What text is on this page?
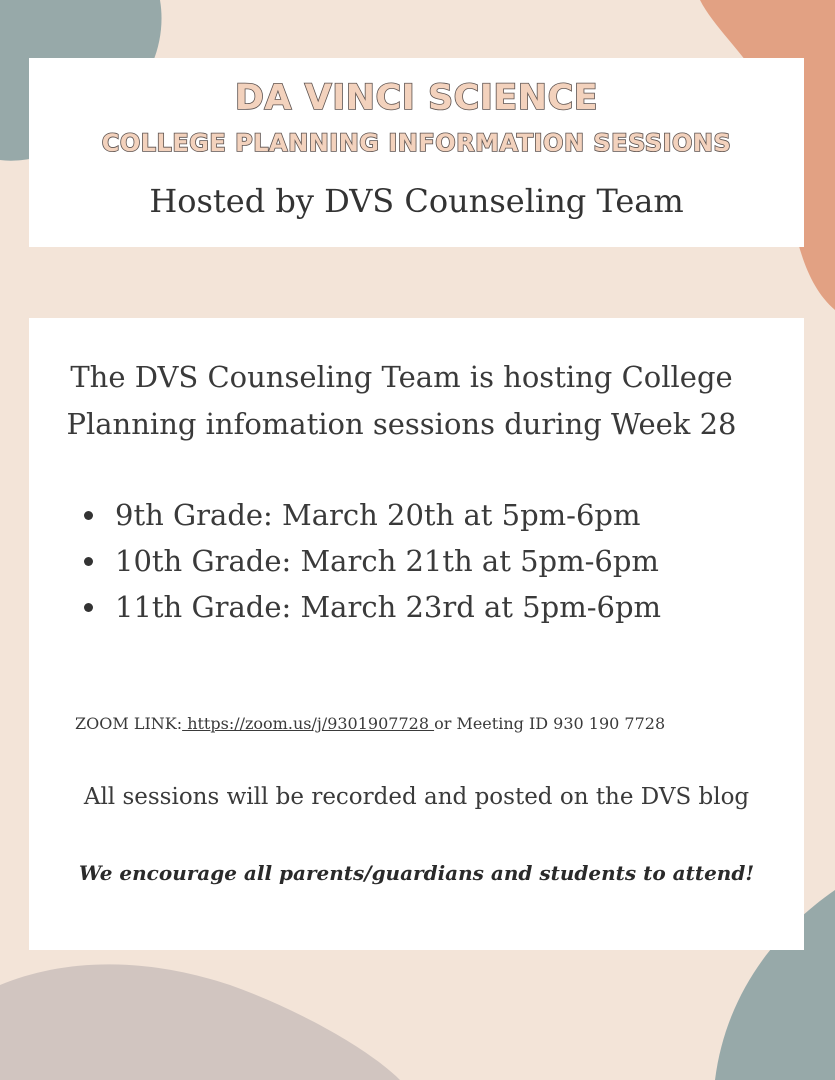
DA VINCI SCIENCE
COLLEGE PLANNING INFORMATION SESSIONS
Hosted by DVS Counseling Team
The DVS Counseling Team is hosting College
Planning infomation sessions during Week 28
9th Grade: March 20th at 5pm-6pm
10th Grade: March 21th at 5pm-6pm
11th Grade: March 23rd at 5pm-6pm
ZOOM LINK: https://zoom.us/j/9301907728 or Meeting ID 930 190 7728
All sessions will be recorded and posted on the DVS blog
We encourage all parents/guardians and students to attend!
